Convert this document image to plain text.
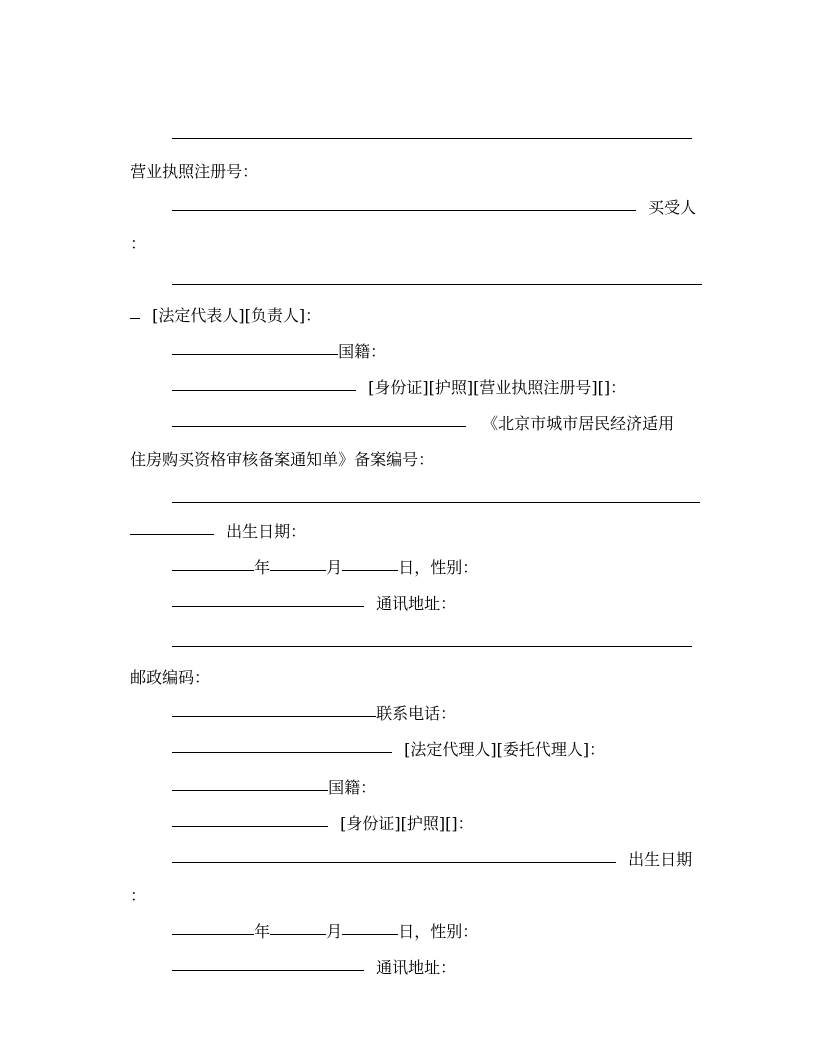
营业执照注册号：

买受人

：

[法定代表人][负责人]：

国籍：

[身份证][护照][营业执照注册号][]：

《北京市城市居民经济适用

住房购买资格审核备案通知单》备案编号：

出生日期：

年	月	日，性别：

通讯地址：

邮政编码：

联系电话：

[法定代理人][委托代理人]：

国籍：

[身份证][护照][]：

出生日期

：

年	月	日，性别：

通讯地址：
